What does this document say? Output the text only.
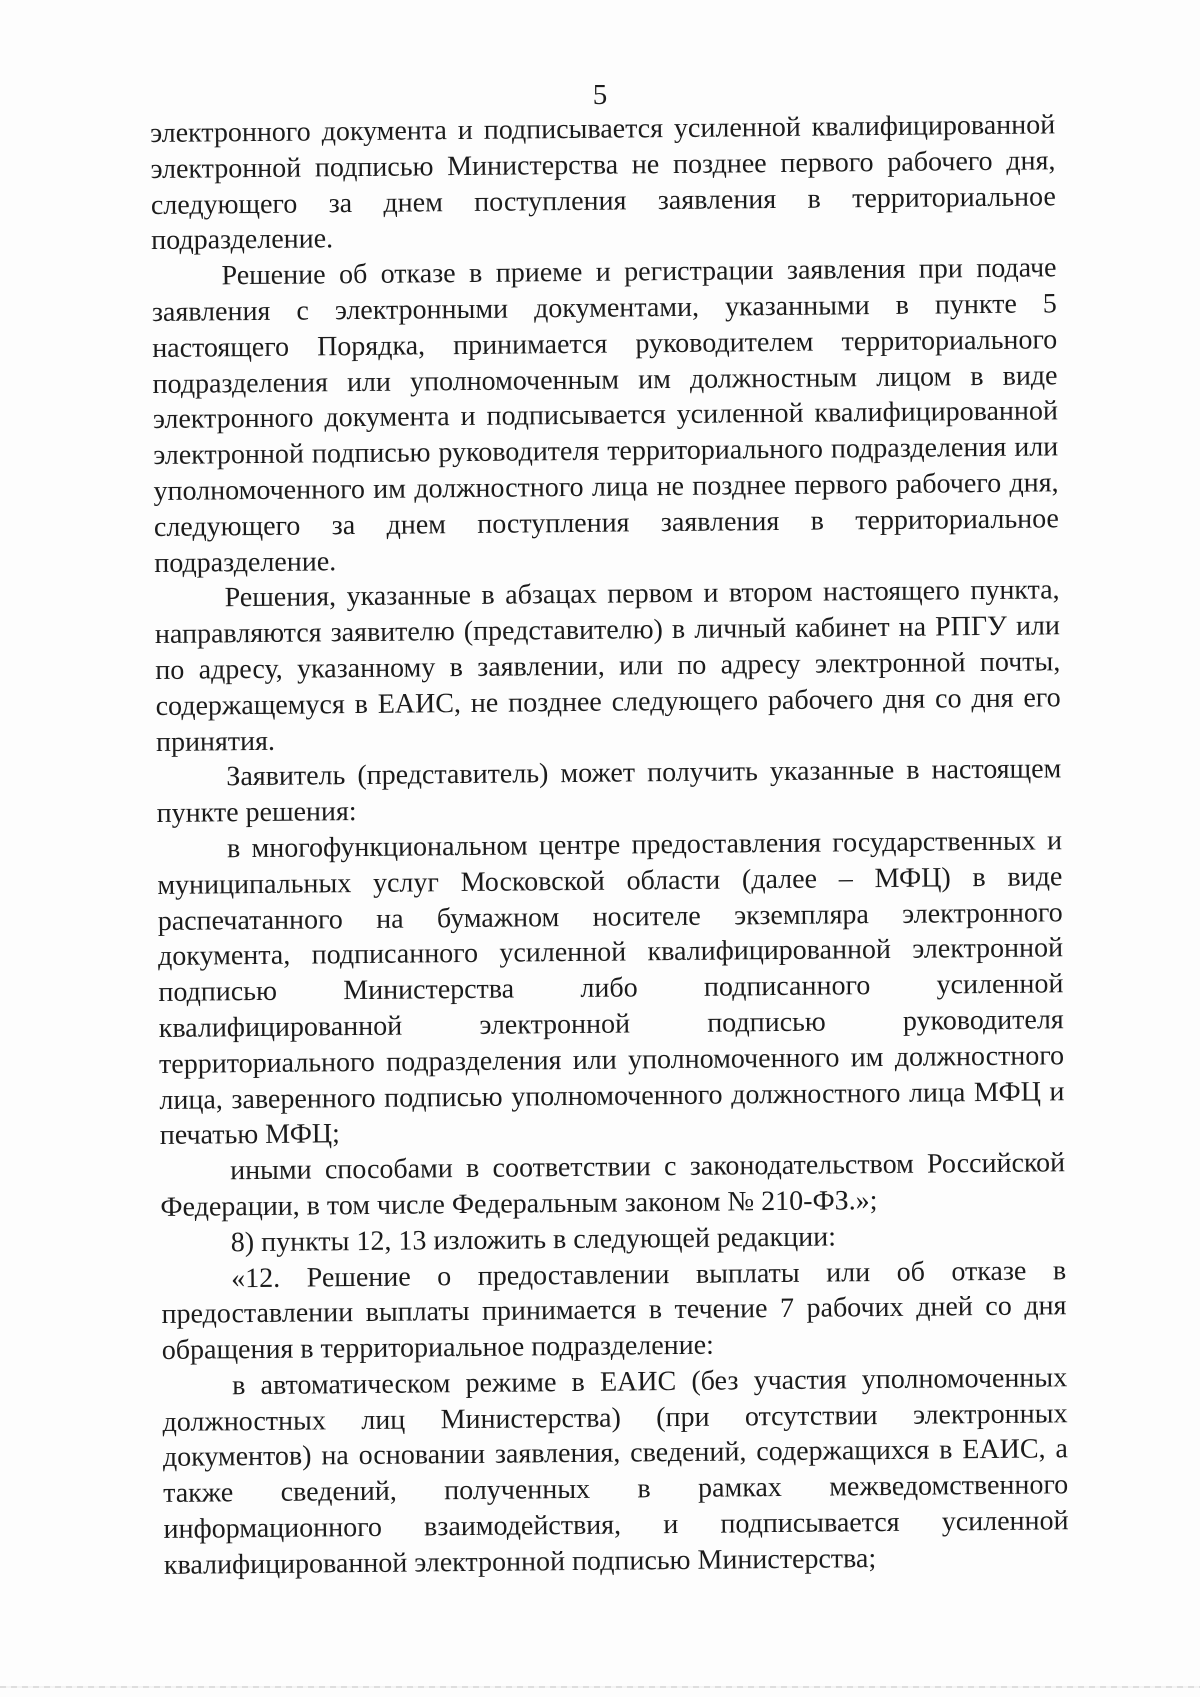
5

электронного документа и подписывается усиленной квалифицированной электронной подписью Министерства не позднее первого рабочего дня, следующего за днем поступления заявления в территориальное подразделение.

Решение об отказе в приеме и регистрации заявления при подаче заявления с электронными документами, указанными в пункте 5 настоящего Порядка, принимается руководителем территориального подразделения или уполномоченным им должностным лицом в виде электронного документа и подписывается усиленной квалифицированной электронной подписью руководителя территориального подразделения или уполномоченного им должностного лица не позднее первого рабочего дня, следующего за днем поступления заявления в территориальное подразделение.

Решения, указанные в абзацах первом и втором настоящего пункта, направляются заявителю (представителю) в личный кабинет на РПГУ или по адресу, указанному в заявлении, или по адресу электронной почты, содержащемуся в ЕАИС, не позднее следующего рабочего дня со дня его принятия.

Заявитель (представитель) может получить указанные в настоящем пункте решения:

в многофункциональном центре предоставления государственных и муниципальных услуг Московской области (далее – МФЦ) в виде распечатанного на бумажном носителе экземпляра электронного документа, подписанного усиленной квалифицированной электронной подписью Министерства либо подписанного усиленной квалифицированной электронной подписью руководителя территориального подразделения или уполномоченного им должностного лица, заверенного подписью уполномоченного должностного лица МФЦ и печатью МФЦ;

иными способами в соответствии с законодательством Российской Федерации, в том числе Федеральным законом № 210-ФЗ.»;

8) пункты 12, 13 изложить в следующей редакции:

«12. Решение о предоставлении выплаты или об отказе в предоставлении выплаты принимается в течение 7 рабочих дней со дня обращения в территориальное подразделение:

в автоматическом режиме в ЕАИС (без участия уполномоченных должностных лиц Министерства) (при отсутствии электронных документов) на основании заявления, сведений, содержащихся в ЕАИС, а также сведений, полученных в рамках межведомственного информационного взаимодействия, и подписывается усиленной квалифицированной электронной подписью Министерства;
